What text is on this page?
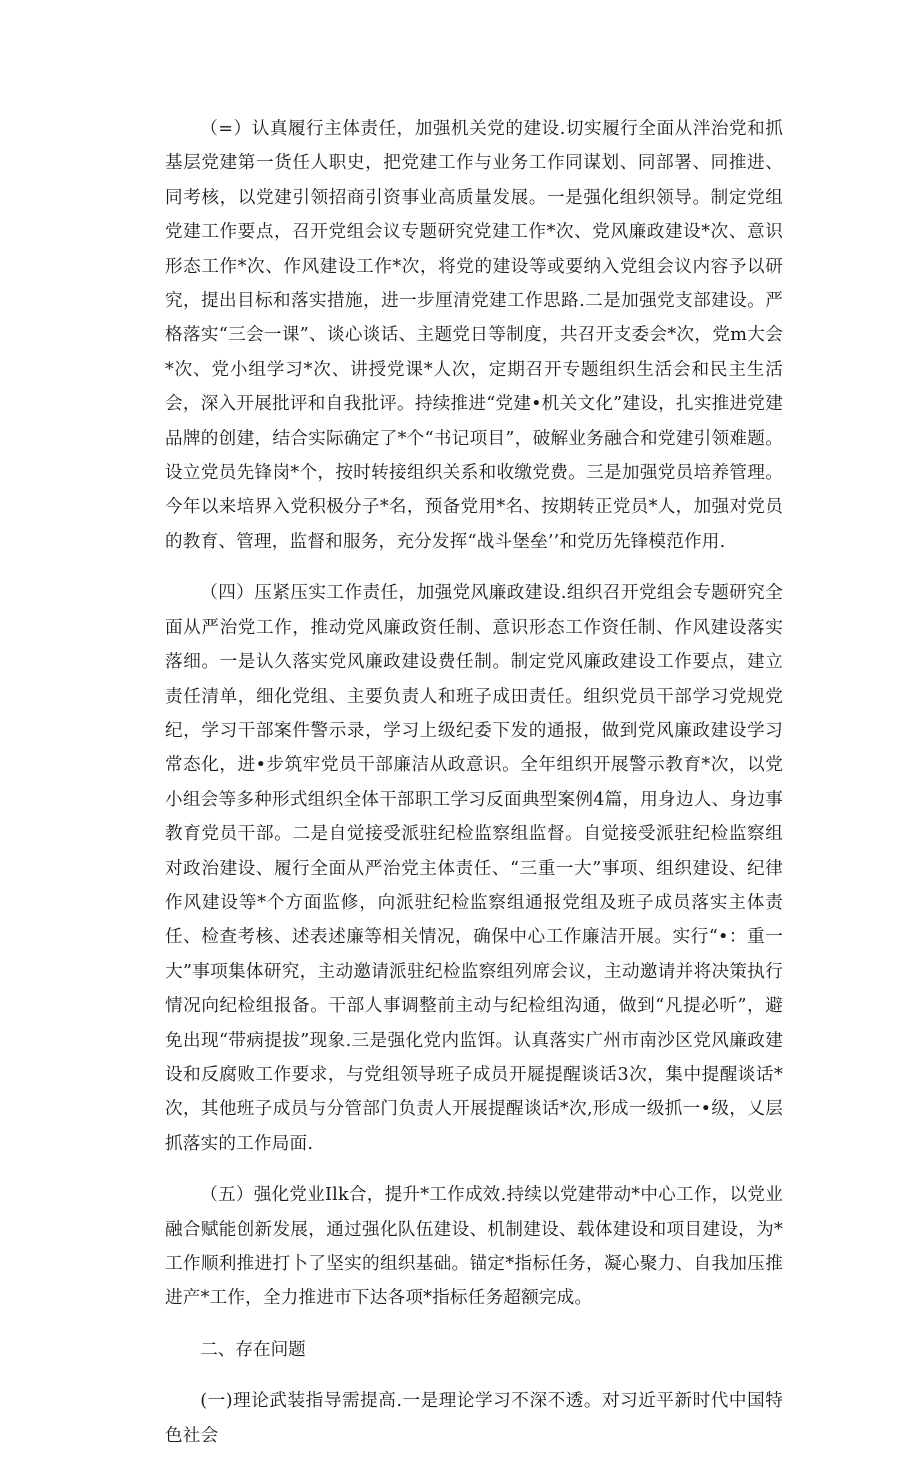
（=）认真履行主体责任，加强机关党的建设.切实履行全面从泮治党和抓基层党建第一货任人职史，把党建工作与业务工作同谋划、同部署、同推进、同考核，以党建引领招商引资事业高质量发展。一是强化组织领导。制定党组党建工作要点，召开党组会议专题研究党建工作*次、党风廉政建设*次、意识形态工作*次、作风建设工作*次，将党的建设等或要纳入党组会议内容予以研究，提出目标和落实措施，进一步厘清党建工作思路.二是加强党支部建设。严格落实“三会一课”、谈心谈话、主题党日等制度，共召开支委会*次，党m大会*次、党小组学习*次、讲授党课*人次，定期召开专题组织生活会和民主生活会，深入开展批评和自我批评。持续推进“党建•机关文化”建设，扎实推进党建品牌的创建，结合实际确定了*个“书记项目”，破解业务融合和党建引领难题。设立党员先锋岗*个，按时转接组织关系和收缴党费。三是加强党员培养管理。今年以来培界入党积极分子*名，预备党用*名、按期转正党员*人，加强对党员的教育、管理，监督和服务，充分发挥“战斗堡垒’’和党历先锋模范作用.

（四）压紧压实工作责任，加强党风廉政建设.组织召开党组会专题研究全面从严治党工作，推动党风廉政资任制、意识形态工作资任制、作风建设落实落细。一是认久落实党风廉政建设费任制。制定党风廉政建设工作要点，建立责任清单，细化党组、主要负责人和班子成田责任。组织党员干部学习党规党纪，学习干部案件警示录，学习上级纪委下发的通报，做到党风廉政建设学习常态化，进•步筑牢党员干部廉洁从政意识。全年组织开展警示教育*次，以党小组会等多种形式组织全体干部职工学习反面典型案例4篇，用身边人、身边事教育党员干部。二是自觉接受派驻纪检监察组监督。自觉接受派驻纪检监察组对政治建设、履行全面从严治党主体责任、“三重一大”事项、组织建设、纪律作风建设等*个方面监修，向派驻纪检监察组通报党组及班子成员落实主体责任、检查考核、述表述廉等相关情况，确保中心工作廉洁开展。实行“•：重一大”事项集体研究，主动邀请派驻纪检监察组列席会议，主动邀请并将决策执行情况向纪检组报备。干部人事调整前主动与纪检组沟通，做到“凡提必听”，避免出现“带病提拔”现象.三是强化党内监饵。认真落实广州市南沙区党风廉政建设和反腐败工作要求，与党组领导班子成员开屣提醒谈话3次，集中提醒谈话*次，其他班子成员与分管部门负责人开展提醒谈话*次,形成一级抓一•级，乂层抓落实的工作局面.

（五）强化党业Ilk合，提升*工作成效.持续以党建带动*中心工作，以党业融合赋能创新发展，通过强化队伍建设、机制建设、载体建设和项目建设，为*工作顺利推进打卜了坚实的组织基础。锚定*指标任务，凝心聚力、自我加压推进产*工作，全力推进市下达各项*指标任务超额完成。

二、存在问题

(一)理论武装指导需提高.一是理论学习不深不透。对习近平新时代中国特色社会
